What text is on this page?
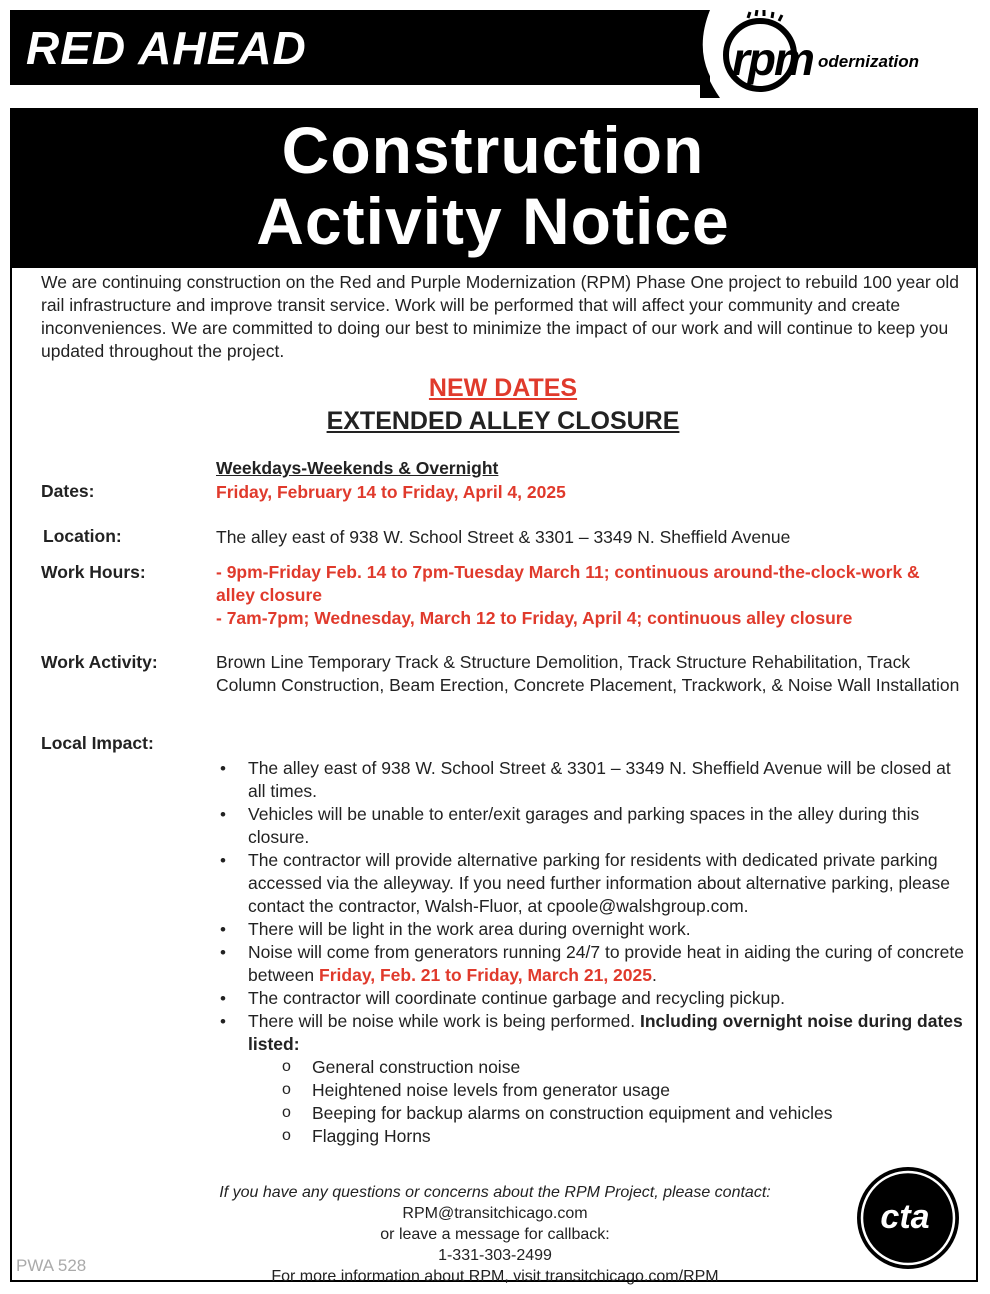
RED AHEAD	rpm odernization
Construction
Activity Notice
We are continuing construction on the Red and Purple Modernization (RPM) Phase One project to rebuild 100 year old rail infrastructure and improve transit service. Work will be performed that will affect your community and create inconveniences. We are committed to doing our best to minimize the impact of our work and will continue to keep you updated throughout the project.
NEW DATES
EXTENDED ALLEY CLOSURE
Weekdays-Weekends & Overnight
Dates:	Friday, February 14 to Friday, April 4, 2025
Location:	The alley east of 938 W. School Street & 3301 – 3349 N. Sheffield Avenue
Work Hours:	- 9pm-Friday Feb. 14 to 7pm-Tuesday March 11; continuous around-the-clock-work & alley closure
- 7am-7pm; Wednesday, March 12 to Friday, April 4; continuous alley closure
Work Activity:	Brown Line Temporary Track & Structure Demolition, Track Structure Rehabilitation, Track Column Construction, Beam Erection, Concrete Placement, Trackwork, & Noise Wall Installation
Local Impact:
• The alley east of 938 W. School Street & 3301 – 3349 N. Sheffield Avenue will be closed at all times.
• Vehicles will be unable to enter/exit garages and parking spaces in the alley during this closure.
• The contractor will provide alternative parking for residents with dedicated private parking accessed via the alleyway. If you need further information about alternative parking, please contact the contractor, Walsh-Fluor, at cpoole@walshgroup.com.
• There will be light in the work area during overnight work.
• Noise will come from generators running 24/7 to provide heat in aiding the curing of concrete between Friday, Feb. 21 to Friday, March 21, 2025.
• The contractor will coordinate continue garbage and recycling pickup.
• There will be noise while work is being performed. Including overnight noise during dates listed:
o General construction noise
o Heightened noise levels from generator usage
o Beeping for backup alarms on construction equipment and vehicles
o Flagging Horns
If you have any questions or concerns about the RPM Project, please contact:
RPM@transitchicago.com
or leave a message for callback:
1-331-303-2499
For more information about RPM, visit transitchicago.com/RPM
PWA 528
cta
